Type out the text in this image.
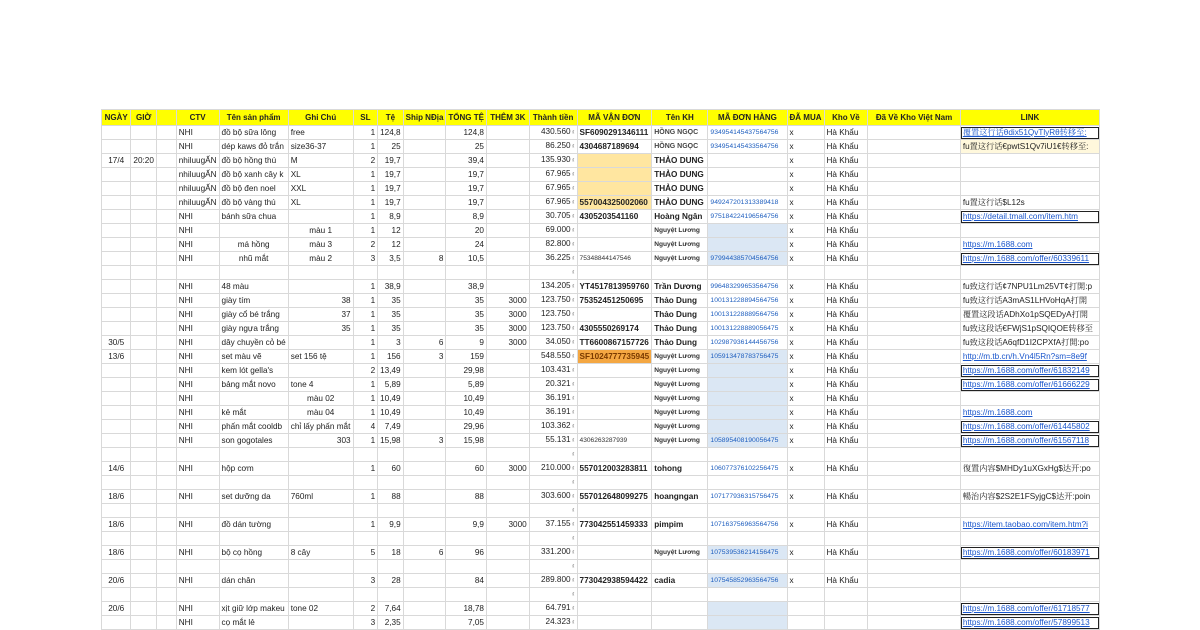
NGÀY	GIỜ		CTV	Tên sản phẩm	Ghi Chú	SL	Tệ	Ship NĐịa	TỔNG TỆ	THÊM 3K	Thành tiền	MÃ VẬN ĐƠN	Tên KH	MÃ ĐƠN HÀNG	ĐÃ MUA	Kho Về	Đã Về Kho Việt Nam	LINK
			NHI	đồ bộ sữa lông	free	1	124,8		124,8		430.560 ₫	SF6090291346111	HỒNG NGỌC	934954145437564756	x	Hà Khẩu		覆置这行话θdix51QvTlyRθ转移至:
			NHI	dép kaws đỏ trắn	size36-37	1	25		25		86.250 ₫	4304687189694	HỒNG NGỌC	934954145433564756	x	Hà Khẩu		fu置这行话€pwtS1Qv7iU1€转移至:
17/4	20:20		nhiluugẤN	đồ bộ hồng thú	M	2	19,7		39,4		135.930 ₫		THẢO DUNG		x	Hà Khẩu		
			nhiluugẤN	đồ bộ xanh cây k	XL	1	19,7		19,7		67.965 ₫		THẢO DUNG		x	Hà Khẩu		
			nhiluugẤN	đồ bộ đen noel	XXL	1	19,7		19,7		67.965 ₫		THẢO DUNG		x	Hà Khẩu		
			nhiluugẤN	đồ bộ vàng thú	XL	1	19,7		19,7		67.965 ₫	557004325002060	THẢO DUNG	949247201313389418	x	Hà Khẩu		fu置这行话$L12s
			NHI	bánh sữa chua		1	8,9		8,9		30.705 ₫	4305203541160	Hoàng Ngân	975184224196564756	x	Hà Khẩu		https://detail.tmall.com/item.htm
			NHI		màu 1	1	12		20		69.000 ₫		Nguyệt Lương		x	Hà Khẩu		
			NHI	má hồng	màu 3	2	12		24		82.800 ₫		Nguyệt Lương		x	Hà Khẩu		https://m.1688.com
			NHI	nhũ mắt	màu 2	3	3,5	8	10,5		36.225 ₫	75348844147546	Nguyệt Lương	979944385704564756	x	Hà Khẩu		https://m.1688.com/offer/60339611
											₫							
			NHI	48 màu		1	38,9		38,9		134.205 ₫	YT4517813959760	Trần Dương	996483299653564756	x	Hà Khẩu		fu致这行话¢7NPU1Lm25VT¢打開:p
			NHI	giày tím	38	1	35		35	3000	123.750 ₫	75352451250695	Thảo Dung	100131228894564756	x	Hà Khẩu		fu致这行话A3mAS1LHVoHqA打開
			NHI	giày cổ bé trắng	37	1	35		35	3000	123.750 ₫		Thảo Dung	100131228889564756	x	Hà Khẩu		覆置这段话ADhXo1pSQEDyA打開
			NHI	giày ngựa trắng	35	1	35		35	3000	123.750 ₫	4305550269174	Thảo Dung	100131228889056475	x	Hà Khẩu		fu致这段话€FWjS1pSQIQOE转移至
30/5			NHI	dây chuyền cỏ bé		1	3	6	9	3000	34.050 ₫	TT6600867157726	Thảo Dung	102987936144456756	x	Hà Khẩu		fu致这段话A6qfD1I2CPXfA打開:po
13/6			NHI	set màu vẽ	set 156 tệ	1	156	3	159		548.550 ₫	SF1024777735945	Nguyệt Lương	105913478783756475	x	Hà Khẩu		http://m.tb.cn/h.Vn4l5Rn?sm=8e9f
			NHI	kem lót gella's		2	13,49		29,98		103.431 ₫		Nguyệt Lương		x	Hà Khẩu		https://m.1688.com/offer/61832149
			NHI	bảng mắt novo	tone 4	1	5,89		5,89		20.321 ₫		Nguyệt Lương		x	Hà Khẩu		https://m.1688.com/offer/61666229
			NHI		màu 02	1	10,49		10,49		36.191 ₫		Nguyệt Lương		x	Hà Khẩu		
			NHI	kẻ mắt	màu 04	1	10,49		10,49		36.191 ₫		Nguyệt Lương		x	Hà Khẩu		https://m.1688.com
			NHI	phấn mắt cooldb	chỉ lấy phấn mắt	4	7,49		29,96		103.362 ₫		Nguyệt Lương		x	Hà Khẩu		https://m.1688.com/offer/61445802
			NHI	son gogotales	303	1	15,98	3	15,98		55.131 ₫	4306263287939	Nguyệt Lương	105895408190056475	x	Hà Khẩu		https://m.1688.com/offer/61567118
											₫							
14/6			NHI	hộp cơm		1	60		60	3000	210.000 ₫	557012003283811	tohong	106077376102256475	x	Hà Khẩu		復置内容$MHDy1uXGxHg$达开:po
											₫							
18/6			NHI	set dưỡng da	760ml	1	88		88		303.600 ₫	557012648099275	hoangngan	107177936315756475	x	Hà Khẩu		暢治内容$2S2E1FSyjgC$达开:poin
											₫							
18/6			NHI	đồ dán tường		1	9,9		9,9	3000	37.155 ₫	773042551459333	pimpim	107163756963564756	x	Hà Khẩu		https://item.taobao.com/item.htm?i
											₫							
18/6			NHI	bộ cọ hồng	8 cây	5	18	6	96		331.200 ₫		Nguyệt Lương	107539536214156475	x	Hà Khẩu		https://m.1688.com/offer/60183971
											₫							
20/6			NHI	dán chân		3	28		84		289.800 ₫	773042938594422	cadia	107545852963564756	x	Hà Khẩu		
											₫							
20/6			NHI	xịt giữ lớp makeu	tone 02	2	7,64		18,78		64.791 ₫							https://m.1688.com/offer/61718577
			NHI	cọ mắt lẻ		3	2,35		7,05		24.323 ₫							https://m.1688.com/offer/57899513
